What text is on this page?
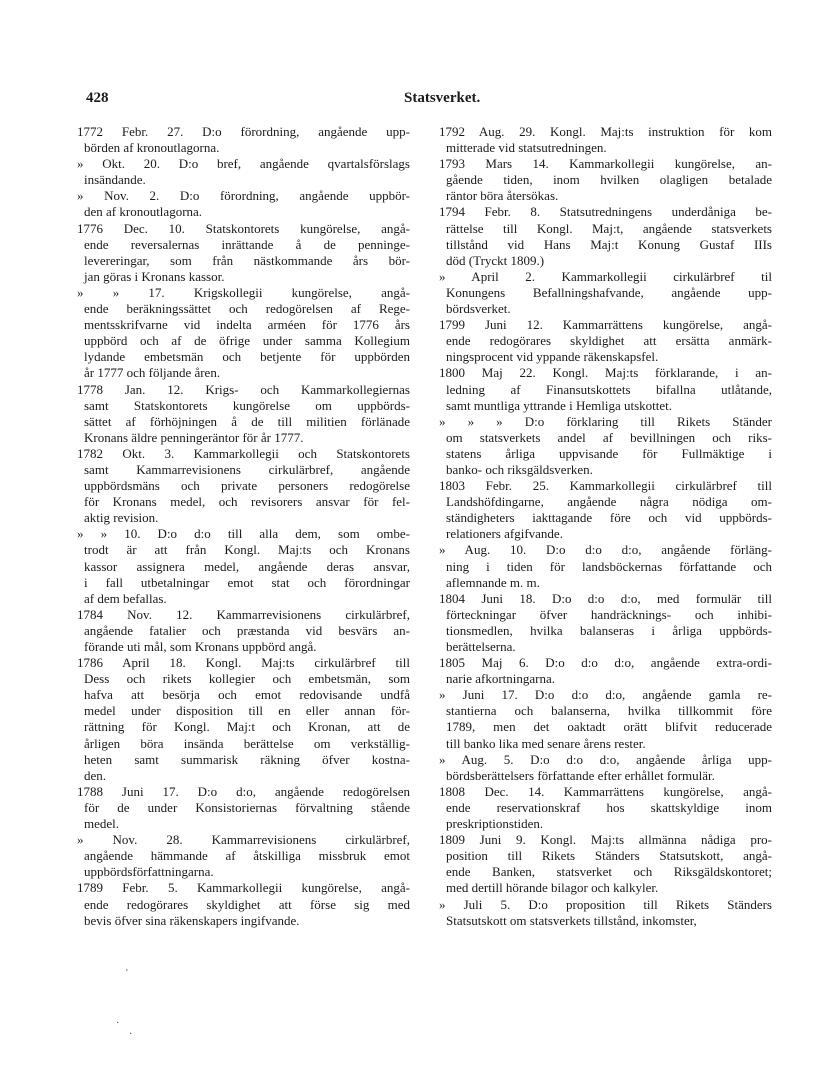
428	Statsverket.
1772 Febr. 27. D:o förordning, angående upp-
börden af kronoutlagorna.
» Okt. 20. D:o bref, angående qvartalsförslags
insändande.
» Nov. 2. D:o förordning, angående uppbör-
den af kronoutlagorna.
1776 Dec. 10. Statskontorets kungörelse, angå-
ende reversalernas inrättande å de penninge-
levereringar, som från nästkommande års bör-
jan göras i Kronans kassor.
» » 17. Krigskollegii kungörelse, angå-
ende beräkningssättet och redogörelsen af Rege-
mentsskrifvarne vid indelta arméen för 1776 års
uppbörd och af de öfrige under samma Kollegium
lydande embetsmän och betjente för uppbörden
år 1777 och följande åren.
1778 Jan. 12. Krigs- och Kammarkollegiernas
samt Statskontorets kungörelse om uppbörds-
sättet af förhöjningen å de till militien förlänade
Kronans äldre penningeräntor för år 1777.
1782 Okt. 3. Kammarkollegii och Statskontorets
samt Kammarrevisionens cirkulärbref, angående
uppbördsmäns och private personers redogörelse
för Kronans medel, och revisorers ansvar för fel-
aktig revision.
» » 10. D:o d:o till alla dem, som ombe-
trodt är att från Kongl. Maj:ts och Kronans
kassor assignera medel, angående deras ansvar,
i fall utbetalningar emot stat och förordningar
af dem befallas.
1784 Nov. 12. Kammarrevisionens cirkulärbref,
angående fatalier och præstanda vid besvärs an-
förande uti mål, som Kronans uppbörd angå.
1786 April 18. Kongl. Maj:ts cirkulärbref till
Dess och rikets kollegier och embetsmän, som
hafva att besörja och emot redovisande undfå
medel under disposition till en eller annan för-
rättning för Kongl. Maj:t och Kronan, att de
årligen böra insända berättelse om verkställig-
heten samt summarisk räkning öfver kostna-
den.
1788 Juni 17. D:o d:o, angående redogörelsen
för de under Konsistoriernas förvaltning stående
medel.
» Nov. 28. Kammarrevisionens cirkulärbref,
angående hämmande af åtskilliga missbruk emot
uppbördsförfattningarna.
1789 Febr. 5. Kammarkollegii kungörelse, angå-
ende redogörares skyldighet att förse sig med
bevis öfver sina räkenskapers ingifvande.
1792 Aug. 29. Kongl. Maj:ts instruktion för kom
mitterade vid statsutredningen.
1793 Mars 14. Kammarkollegii kungörelse, an-
gående tiden, inom hvilken olagligen betalade
räntor böra återsökas.
1794 Febr. 8. Statsutredningens underdåniga be-
rättelse till Kongl. Maj:t, angående statsverkets
tillstånd vid Hans Maj:t Konung Gustaf IIIs
död (Tryckt 1809.)
» April 2. Kammarkollegii cirkulärbref til
Konungens Befallningshafvande, angående upp-
bördsverket.
1799 Juni 12. Kammarrättens kungörelse, angå-
ende redogörares skyldighet att ersätta anmärk-
ningsprocent vid yppande räkenskapsfel.
1800 Maj 22. Kongl. Maj:ts förklarande, i an-
ledning af Finansutskottets bifallna utlåtande,
samt muntliga yttrande i Hemliga utskottet.
» » » D:o förklaring till Rikets Ständer
om statsverkets andel af bevillningen och riks-
statens årliga uppvisande för Fullmäktige i
banko- och riksgäldsverken.
1803 Febr. 25. Kammarkollegii cirkulärbref till
Landshöfdingarne, angående några nödiga om-
ständigheters iakttagande före och vid uppbörds-
relationers afgifvande.
» Aug. 10. D:o d:o d:o, angående förläng-
ning i tiden för landsböckernas författande och
aflemnande m. m.
1804 Juni 18. D:o d:o d:o, med formulär till
förteckningar öfver handräcknings- och inhibi-
tionsmedlen, hvilka balanseras i årliga uppbörds-
berättelserna.
1805 Maj 6. D:o d:o d:o, angående extra-ordi-
narie afkortningarna.
» Juni 17. D:o d:o d:o, angående gamla re-
stantierna och balanserna, hvilka tillkommit före
1789, men det oaktadt orätt blifvit reducerade
till banko lika med senare årens rester.
» Aug. 5. D:o d:o d:o, angående årliga upp-
bördsberättelsers författande efter erhållet formulär.
1808 Dec. 14. Kammarrättens kungörelse, angå-
ende reservationskraf hos skattskyldige inom
preskriptionstiden.
1809 Juni 9. Kongl. Maj:ts allmänna nådiga pro-
position till Rikets Ständers Statsutskott, angå-
ende Banken, statsverket och Riksgäldskontoret;
med dertill hörande bilagor och kalkyler.
» Juli 5. D:o proposition till Rikets Ständers
Statsutskott om statsverkets tillstånd, inkomster,
'
·
·
